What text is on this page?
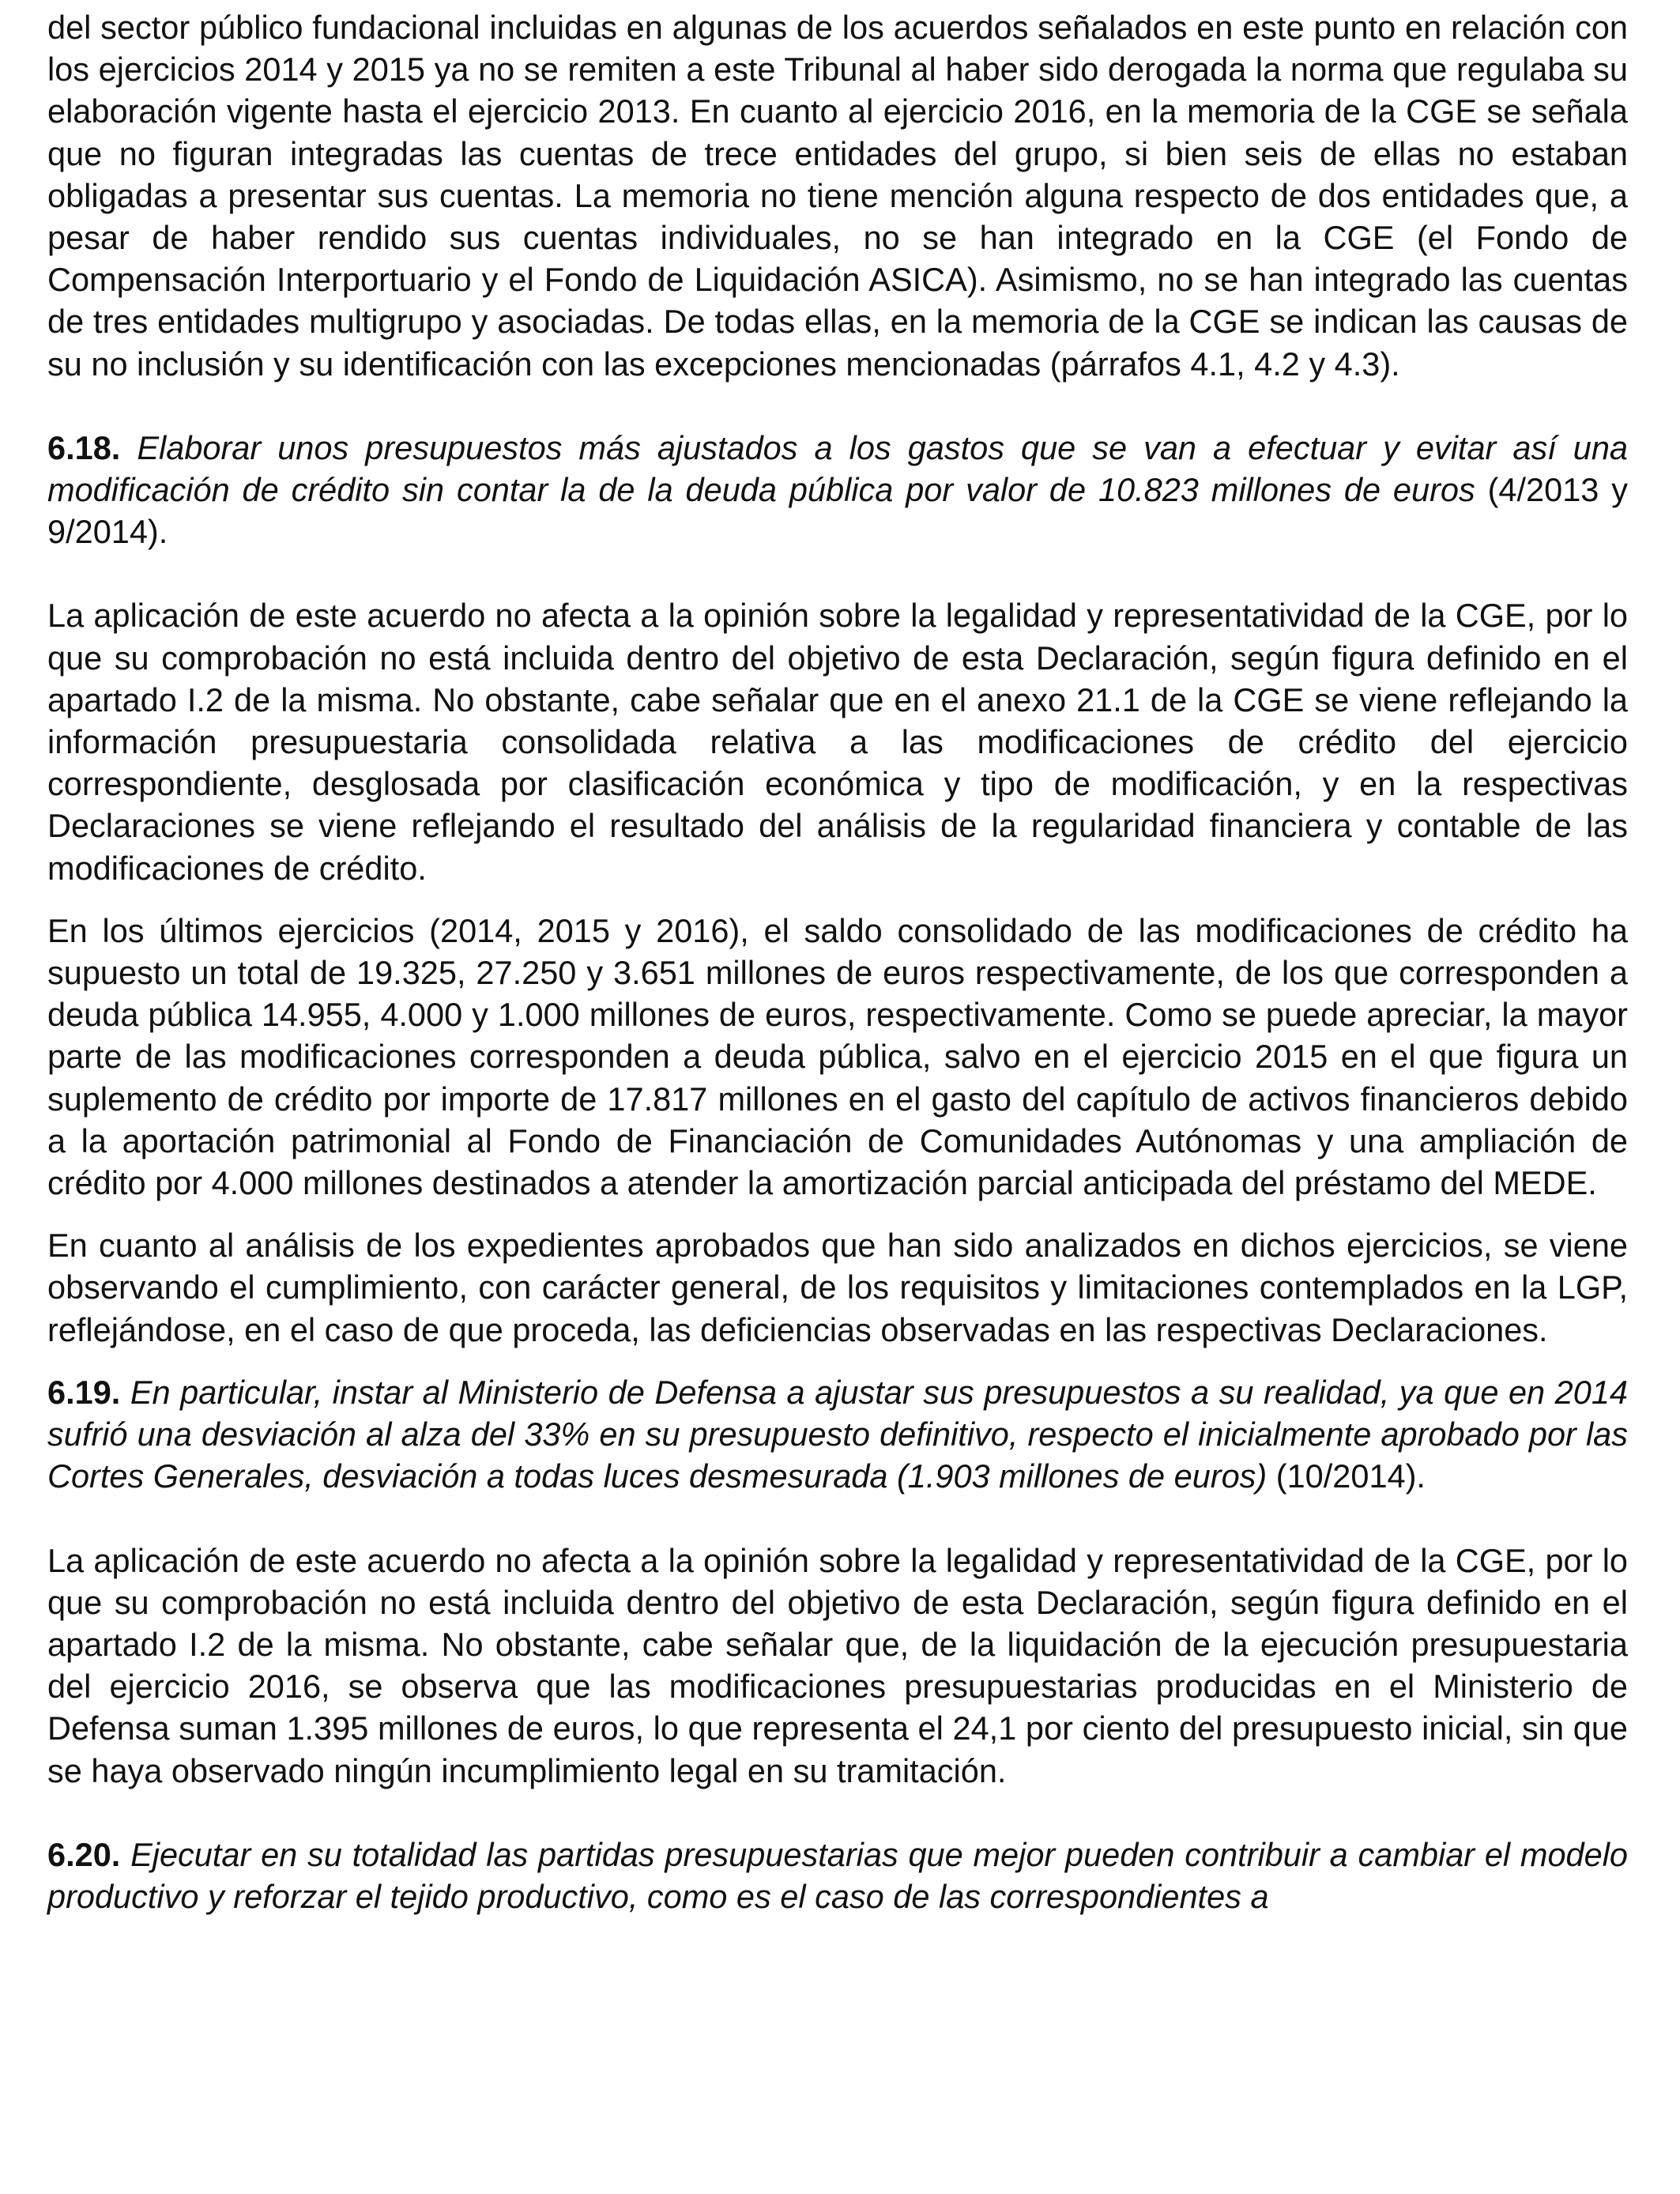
del sector público fundacional incluidas en algunas de los acuerdos señalados en este punto en relación con los ejercicios 2014 y 2015 ya no se remiten a este Tribunal al haber sido derogada la norma que regulaba su elaboración vigente hasta el ejercicio 2013. En cuanto al ejercicio 2016, en la memoria de la CGE se señala que no figuran integradas las cuentas de trece entidades del grupo, si bien seis de ellas no estaban obligadas a presentar sus cuentas. La memoria no tiene mención alguna respecto de dos entidades que, a pesar de haber rendido sus cuentas individuales, no se han integrado en la CGE (el Fondo de Compensación Interportuario y el Fondo de Liquidación ASICA). Asimismo, no se han integrado las cuentas de tres entidades multigrupo y asociadas. De todas ellas, en la memoria de la CGE se indican las causas de su no inclusión y su identificación con las excepciones mencionadas (párrafos 4.1, 4.2 y 4.3).

6.18. Elaborar unos presupuestos más ajustados a los gastos que se van a efectuar y evitar así una modificación de crédito sin contar la de la deuda pública por valor de 10.823 millones de euros (4/2013 y 9/2014).

La aplicación de este acuerdo no afecta a la opinión sobre la legalidad y representatividad de la CGE, por lo que su comprobación no está incluida dentro del objetivo de esta Declaración, según figura definido en el apartado I.2 de la misma. No obstante, cabe señalar que en el anexo 21.1 de la CGE se viene reflejando la información presupuestaria consolidada relativa a las modificaciones de crédito del ejercicio correspondiente, desglosada por clasificación económica y tipo de modificación, y en la respectivas Declaraciones se viene reflejando el resultado del análisis de la regularidad financiera y contable de las modificaciones de crédito.

En los últimos ejercicios (2014, 2015 y 2016), el saldo consolidado de las modificaciones de crédito ha supuesto un total de 19.325, 27.250 y 3.651 millones de euros respectivamente, de los que corresponden a deuda pública 14.955, 4.000 y 1.000 millones de euros, respectivamente. Como se puede apreciar, la mayor parte de las modificaciones corresponden a deuda pública, salvo en el ejercicio 2015 en el que figura un suplemento de crédito por importe de 17.817 millones en el gasto del capítulo de activos financieros debido a la aportación patrimonial al Fondo de Financiación de Comunidades Autónomas y una ampliación de crédito por 4.000 millones destinados a atender la amortización parcial anticipada del préstamo del MEDE.

En cuanto al análisis de los expedientes aprobados que han sido analizados en dichos ejercicios, se viene observando el cumplimiento, con carácter general, de los requisitos y limitaciones contemplados en la LGP, reflejándose, en el caso de que proceda, las deficiencias observadas en las respectivas Declaraciones.

6.19. En particular, instar al Ministerio de Defensa a ajustar sus presupuestos a su realidad, ya que en 2014 sufrió una desviación al alza del 33% en su presupuesto definitivo, respecto el inicialmente aprobado por las Cortes Generales, desviación a todas luces desmesurada (1.903 millones de euros) (10/2014).

La aplicación de este acuerdo no afecta a la opinión sobre la legalidad y representatividad de la CGE, por lo que su comprobación no está incluida dentro del objetivo de esta Declaración, según figura definido en el apartado I.2 de la misma. No obstante, cabe señalar que, de la liquidación de la ejecución presupuestaria del ejercicio 2016, se observa que las modificaciones presupuestarias producidas en el Ministerio de Defensa suman 1.395 millones de euros, lo que representa el 24,1 por ciento del presupuesto inicial, sin que se haya observado ningún incumplimiento legal en su tramitación.

6.20. Ejecutar en su totalidad las partidas presupuestarias que mejor pueden contribuir a cambiar el modelo productivo y reforzar el tejido productivo, como es el caso de las correspondientes a
